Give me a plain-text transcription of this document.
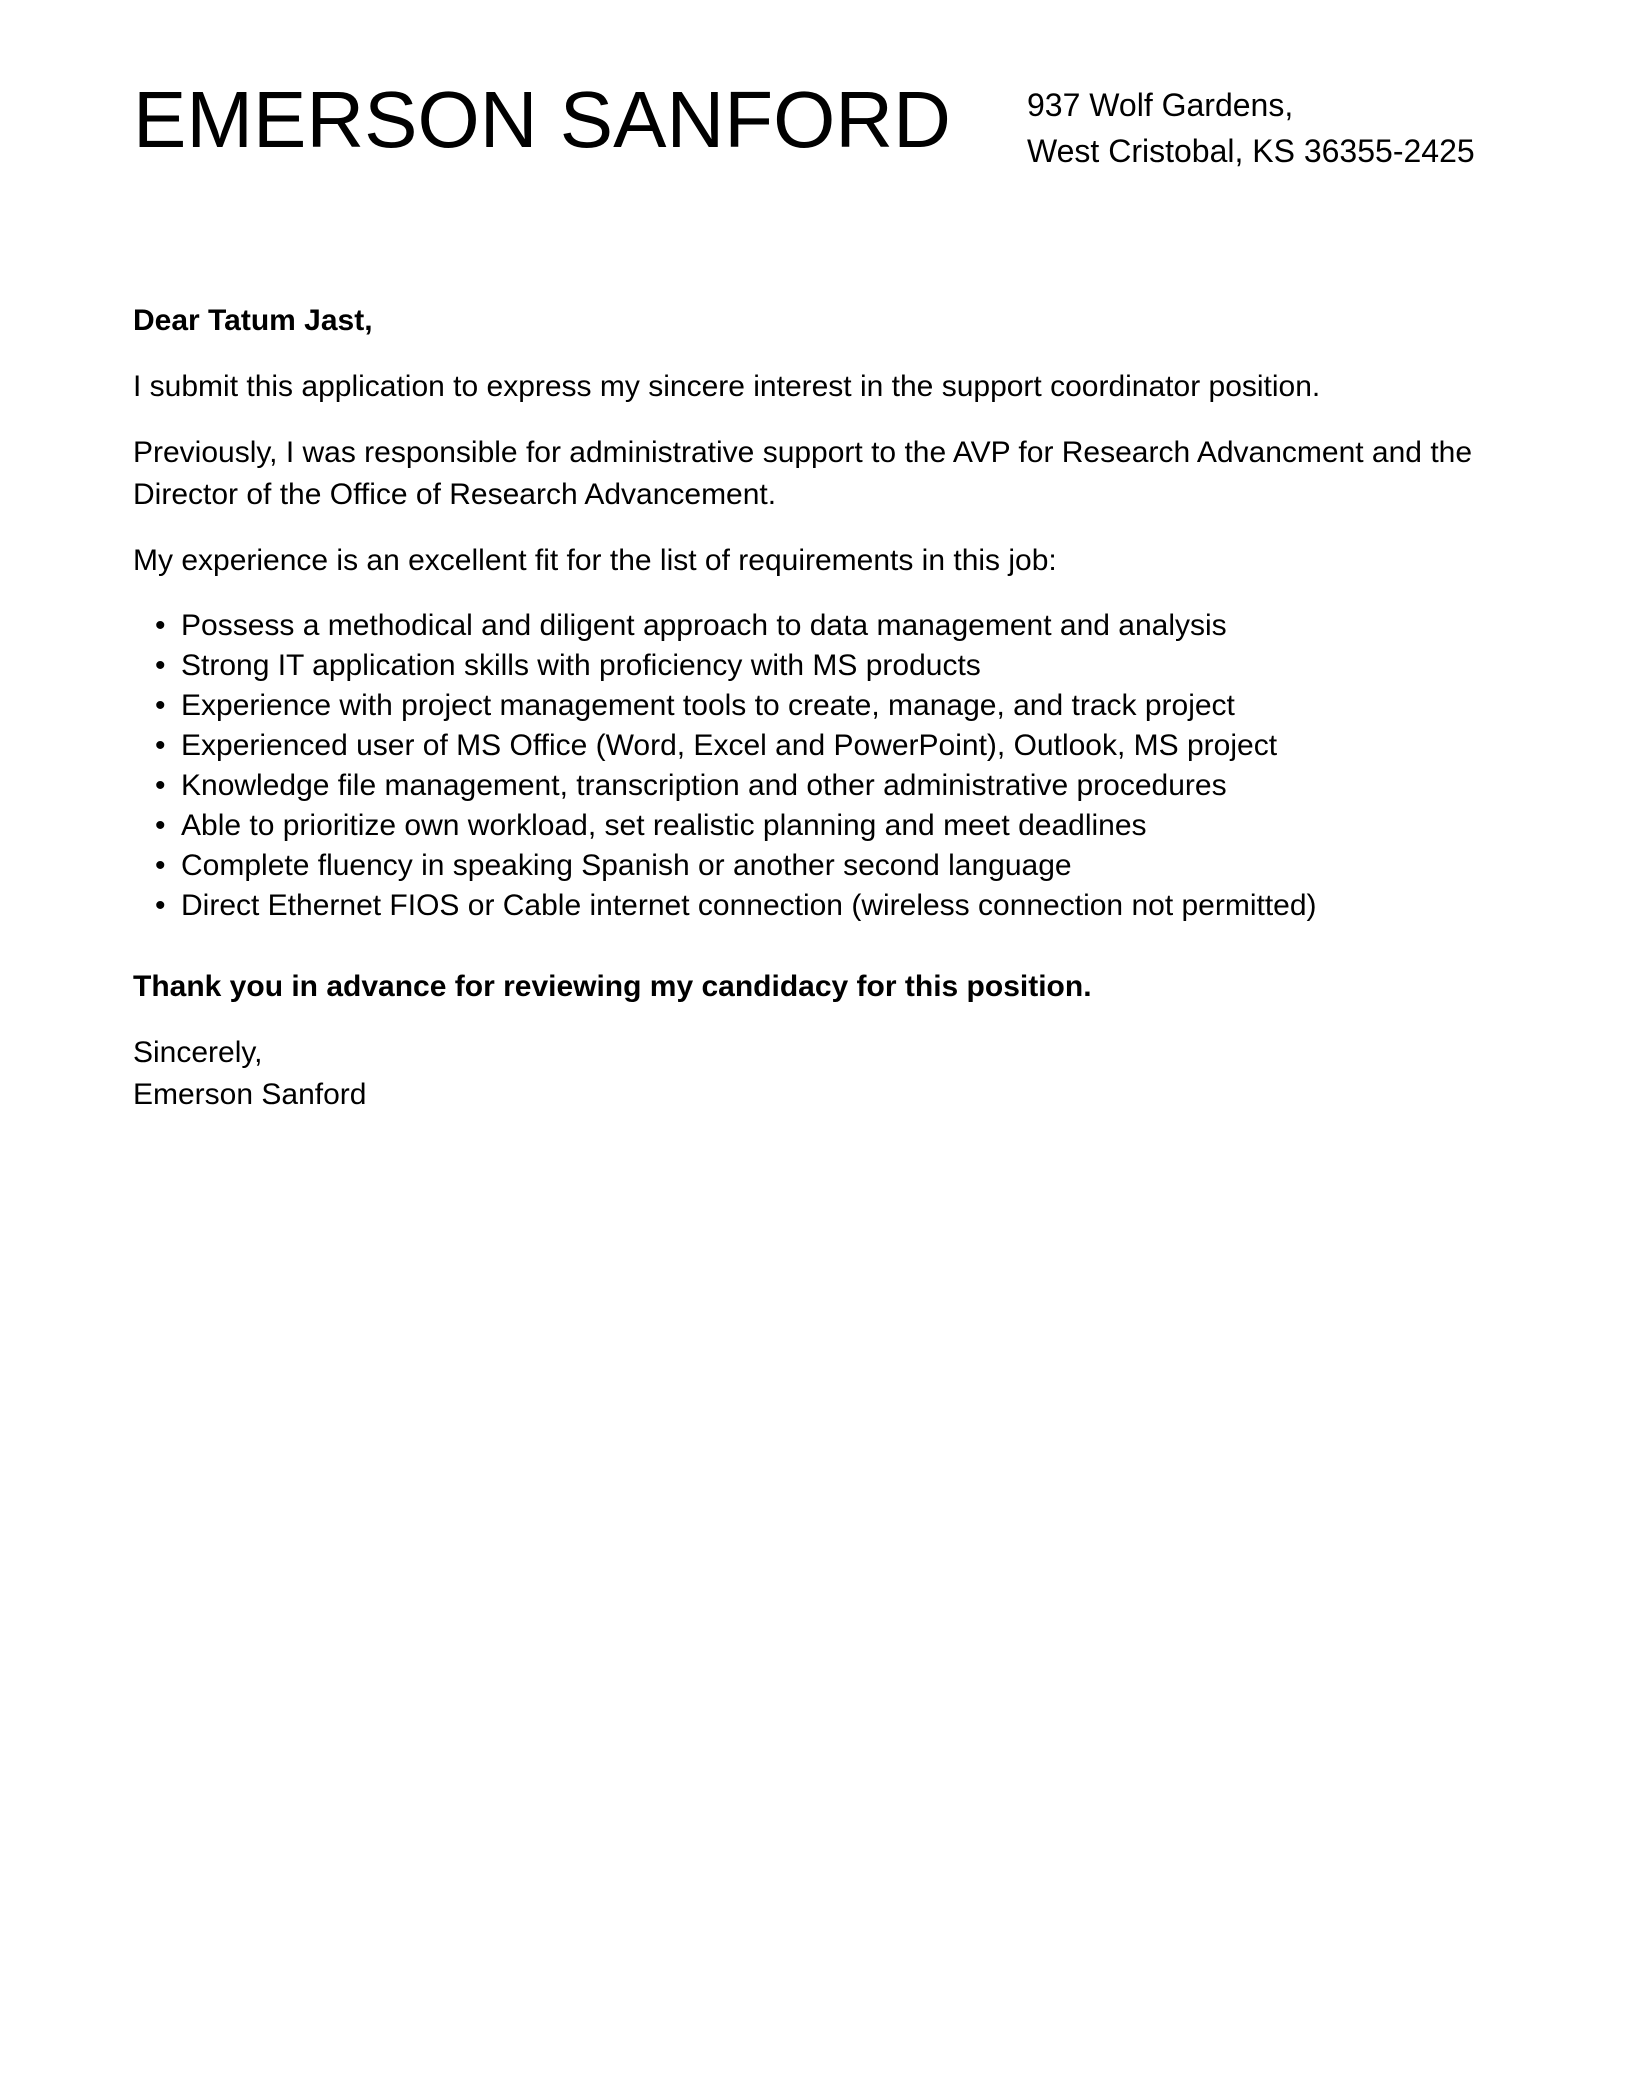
EMERSON SANFORD 937 Wolf Gardens,
West Cristobal, KS 36355-2425

Dear Tatum Jast,

I submit this application to express my sincere interest in the support coordinator position.

Previously, I was responsible for administrative support to the AVP for Research Advancment and the Director of the Office of Research Advancement.

My experience is an excellent fit for the list of requirements in this job:

• Possess a methodical and diligent approach to data management and analysis
• Strong IT application skills with proficiency with MS products
• Experience with project management tools to create, manage, and track project
• Experienced user of MS Office (Word, Excel and PowerPoint), Outlook, MS project
• Knowledge file management, transcription and other administrative procedures
• Able to prioritize own workload, set realistic planning and meet deadlines
• Complete fluency in speaking Spanish or another second language
• Direct Ethernet FIOS or Cable internet connection (wireless connection not permitted)

Thank you in advance for reviewing my candidacy for this position.

Sincerely,
Emerson Sanford
